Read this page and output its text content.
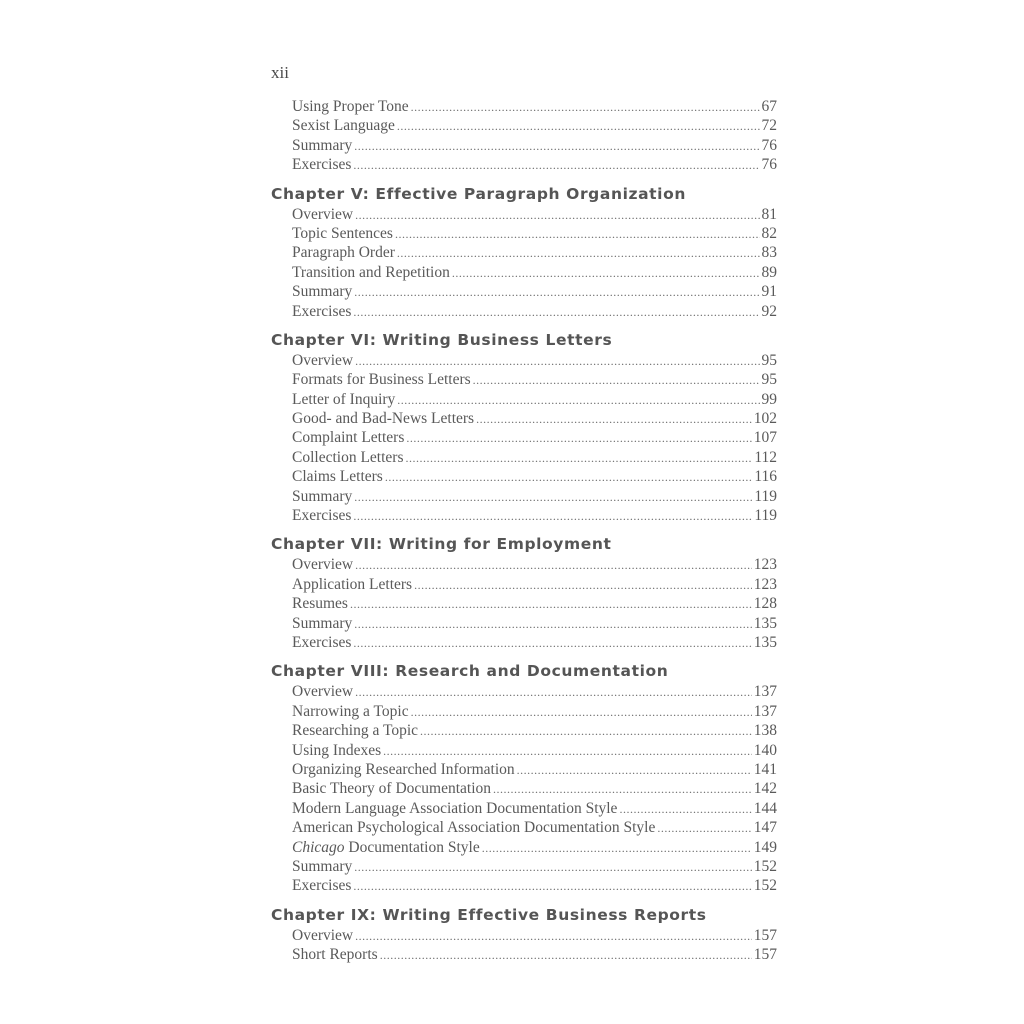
xii
Using Proper Tone .....	67
Sexist Language .....	72
Summary .....	76
Exercises .....	76
Chapter V: Effective Paragraph Organization
Overview .....	81
Topic Sentences .....	82
Paragraph Order .....	83
Transition and Repetition .....	89
Summary .....	91
Exercises .....	92
Chapter VI: Writing Business Letters
Overview .....	95
Formats for Business Letters .....	95
Letter of Inquiry .....	99
Good- and Bad-News Letters .....	102
Complaint Letters .....	107
Collection Letters .....	112
Claims Letters .....	116
Summary .....	119
Exercises .....	119
Chapter VII: Writing for Employment
Overview .....	123
Application Letters .....	123
Resumes .....	128
Summary .....	135
Exercises .....	135
Chapter VIII: Research and Documentation
Overview .....	137
Narrowing a Topic .....	137
Researching a Topic .....	138
Using Indexes .....	140
Organizing Researched Information .....	141
Basic Theory of Documentation .....	142
Modern Language Association Documentation Style .....	144
American Psychological Association Documentation Style .....	147
Chicago Documentation Style .....	149
Summary .....	152
Exercises .....	152
Chapter IX: Writing Effective Business Reports
Overview .....	157
Short Reports .....	157
